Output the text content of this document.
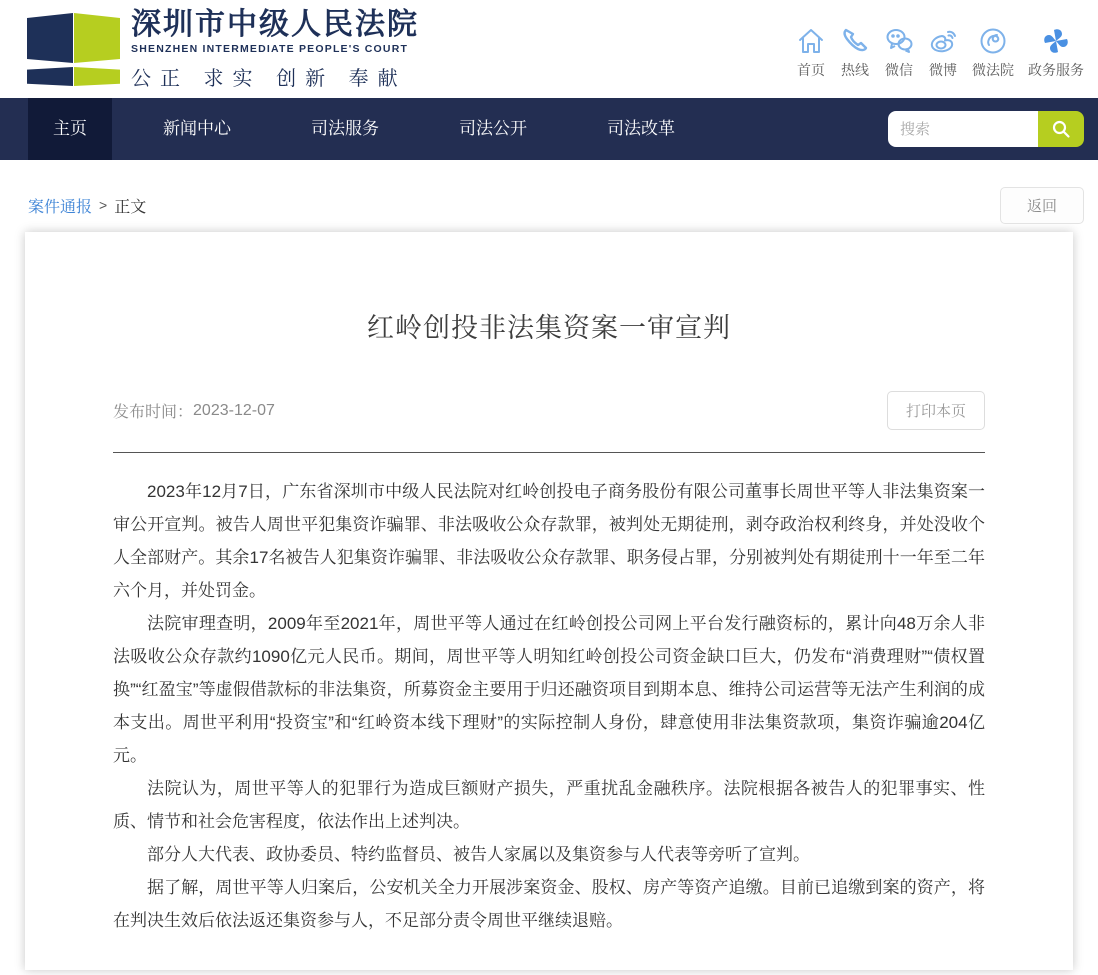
深圳市中级人民法院
SHENZHEN INTERMEDIATE PEOPLE'S COURT
公正 求实 创新 奉献	首页 热线 微信 微博 微法院 政务服务
主页	新闻中心	司法服务	司法公开	司法改革
搜索
案件通报 > 正文	返回
红岭创投非法集资案一审宣判
发布时间： 2023-12-07	打印本页

2023年12月7日，广东省深圳市中级人民法院对红岭创投电子商务股份有限公司董事长周世平等人非法集资案一审公开宣判。被告人周世平犯集资诈骗罪、非法吸收公众存款罪，被判处无期徒刑，剥夺政治权利终身，并处没收个人全部财产。其余17名被告人犯集资诈骗罪、非法吸收公众存款罪、职务侵占罪，分别被判处有期徒刑十一年至二年六个月，并处罚金。

法院审理查明，2009年至2021年，周世平等人通过在红岭创投公司网上平台发行融资标的，累计向48万余人非法吸收公众存款约1090亿元人民币。期间，周世平等人明知红岭创投公司资金缺口巨大，仍发布“消费理财”“债权置换”“红盈宝”等虚假借款标的非法集资，所募资金主要用于归还融资项目到期本息、维持公司运营等无法产生利润的成本支出。周世平利用“投资宝”和“红岭资本线下理财”的实际控制人身份，肆意使用非法集资款项，集资诈骗逾204亿元。

法院认为，周世平等人的犯罪行为造成巨额财产损失，严重扰乱金融秩序。法院根据各被告人的犯罪事实、性质、情节和社会危害程度，依法作出上述判决。

部分人大代表、政协委员、特约监督员、被告人家属以及集资参与人代表等旁听了宣判。

据了解，周世平等人归案后，公安机关全力开展涉案资金、股权、房产等资产追缴。目前已追缴到案的资产，将在判决生效后依法返还集资参与人，不足部分责令周世平继续退赔。
